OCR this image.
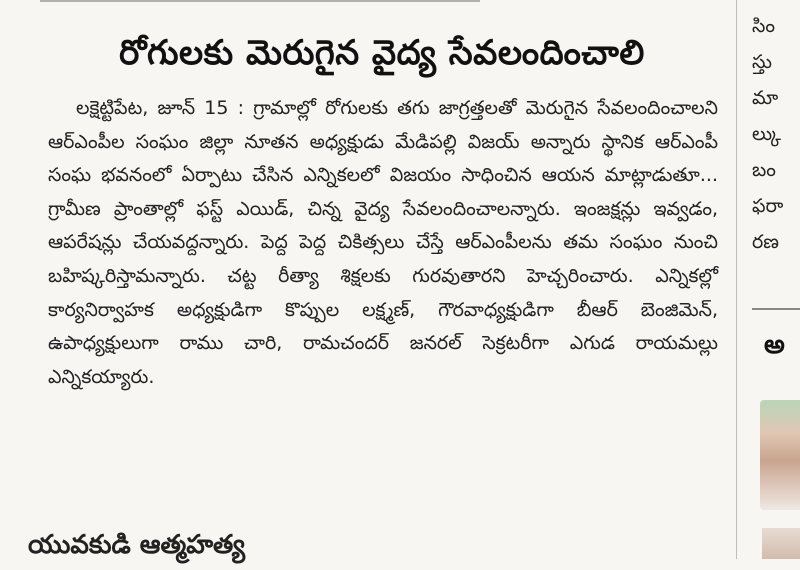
రోగులకు మెరుగైన వైద్య సేవలందించాలి

లక్షెట్టిపేట, జూన్ 15 : గ్రామాల్లో రోగులకు తగు జాగ్రత్తలతో మెరుగైన సేవలందించాలని ఆర్ఎంపీల సంఘం జిల్లా నూతన అధ్యక్షుడు మేడిపల్లి విజయ్ అన్నారు స్థానిక ఆర్ఎంపీ సంఘ భవనంలో ఏర్పాటు చేసిన ఎన్నికలలో విజయం సాధించిన ఆయన మాట్లాడుతూ... గ్రామీణ ప్రాంతాల్లో ఫస్ట్ ఎయిడ్, చిన్న వైద్య సేవలందించాలన్నారు. ఇంజక్షన్లు ఇవ్వడం, ఆపరేషన్లు చేయవద్దన్నారు. పెద్ద పెద్ద చికిత్సలు చేస్తే ఆర్ఎంపీలను తమ సంఘం నుంచి బహిష్కరిస్తామన్నారు. చట్ట రీత్యా శిక్షలకు గురవుతారని హెచ్చరించారు. ఎన్నికల్లో కార్యనిర్వాహక అధ్యక్షుడిగా కొప్పుల లక్ష్మణ్, గౌరవాధ్యక్షుడిగా బీఆర్ బెంజిమెన్, ఉపాధ్యక్షులుగా రాము చారి, రామచందర్ జనరల్ సెక్రటరీగా ఎగుడ రాయమల్లు ఎన్నికయ్యారు.

యువకుడి ఆత్మహత్య
సిం
స్తు
మా
ల్కు
బం
ఫరా
రణ
అ
